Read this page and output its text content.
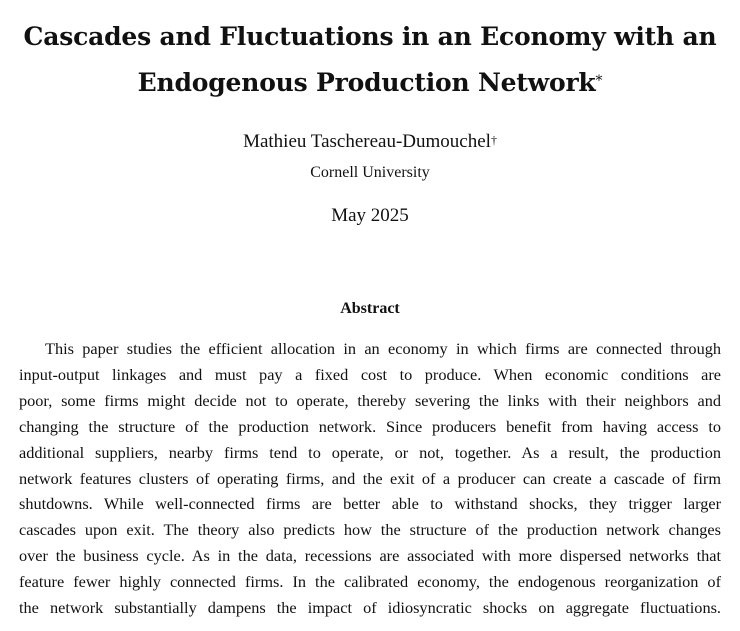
Cascades and Fluctuations in an Economy with an
Endogenous Production Network*
Mathieu Taschereau-Dumouchel†
Cornell University
May 2025
Abstract
This paper studies the efficient allocation in an economy in which firms are connected through
input-output linkages and must pay a fixed cost to produce. When economic conditions are
poor, some firms might decide not to operate, thereby severing the links with their neighbors and
changing the structure of the production network. Since producers benefit from having access to
additional suppliers, nearby firms tend to operate, or not, together. As a result, the production
network features clusters of operating firms, and the exit of a producer can create a cascade of firm
shutdowns. While well-connected firms are better able to withstand shocks, they trigger larger
cascades upon exit. The theory also predicts how the structure of the production network changes
over the business cycle. As in the data, recessions are associated with more dispersed networks that
feature fewer highly connected firms. In the calibrated economy, the endogenous reorganization of
the network substantially dampens the impact of idiosyncratic shocks on aggregate fluctuations.
